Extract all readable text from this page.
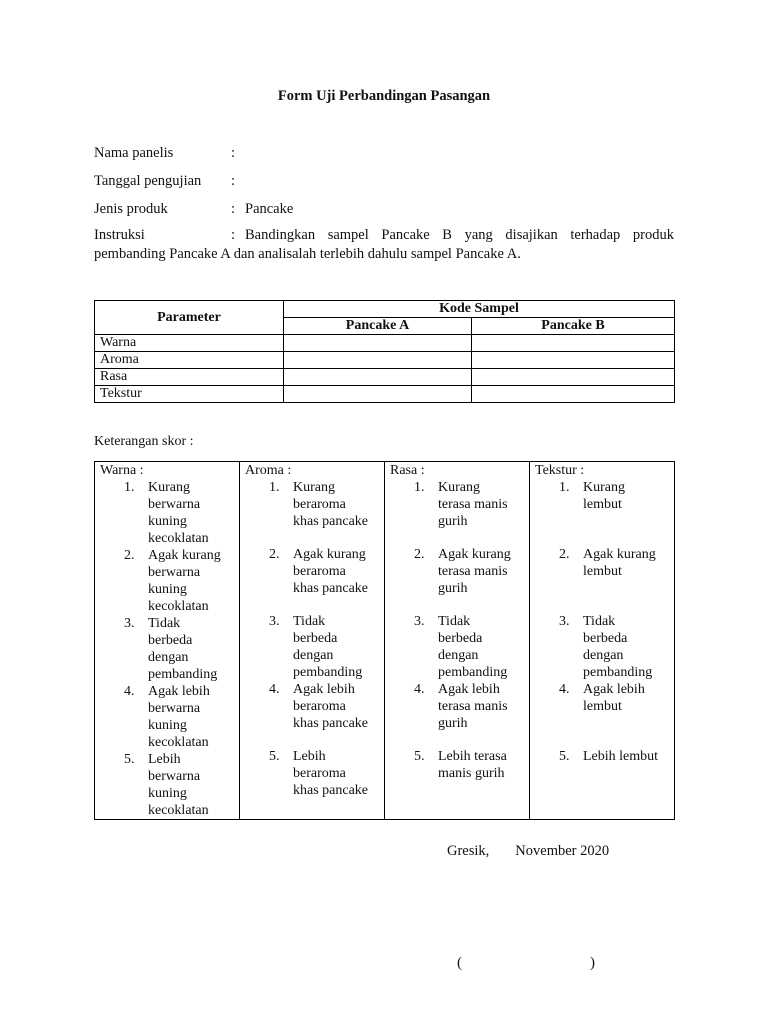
Form Uji Perbandingan Pasangan
Nama panelis	:
Tanggal pengujian :
Jenis produk	: Pancake
Instruksi	: Bandingkan sampel Pancake B yang disajikan terhadap produk pembanding Pancake A dan analisalah terlebih dahulu sampel Pancake A.
Parameter	Kode Sampel	
	Pancake A	Pancake B
Warna		
Aroma		
Rasa		
Tekstur		
Keterangan skor :
Warna :
1. Kurang
berwarna
kuning
kecoklatan
2. Agak kurang
berwarna
kuning
kecoklatan
3. Tidak
berbeda
dengan
pembanding
4. Agak lebih
berwarna
kuning
kecoklatan
5. Lebih
berwarna
kuning
kecoklatan

Aroma :
1. Kurang
beraroma
khas pancake
2. Agak kurang
beraroma
khas pancake
3. Tidak
berbeda
dengan
pembanding
4. Agak lebih
beraroma
khas pancake
5. Lebih
beraroma
khas pancake

Rasa :
1. Kurang
terasa manis
gurih
2. Agak kurang
terasa manis
gurih
3. Tidak
berbeda
dengan
pembanding
4. Agak lebih
terasa manis
gurih
5. Lebih terasa
manis gurih

Tekstur :
1. Kurang
lembut
2. Agak kurang
lembut
3. Tidak
berbeda
dengan
pembanding
4. Agak lebih
lembut
5. Lebih lembut
Gresik, November 2020
(	)
